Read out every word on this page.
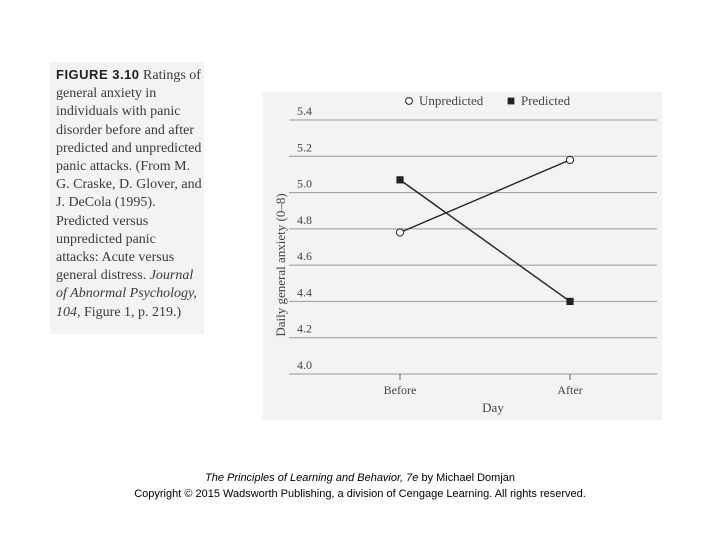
FIGURE 3.10 Ratings of general anxiety in individuals with panic disorder before and after predicted and unpredicted panic attacks. (From M. G. Craske, D. Glover, and J. DeCola (1995). Predicted versus unpredicted panic attacks: Acute versus general distress. Journal of Abnormal Psychology, 104, Figure 1, p. 219.)

4.0
4.2
4.4
4.6
4.8
5.0
5.2
5.4
Before	After
Unpredicted	Predicted
Daily general anxiety (0–8)
Day
The Principles of Learning and Behavior, 7e by Michael Domjan
Copyright © 2015 Wadsworth Publishing, a division of Cengage Learning. All rights reserved.
